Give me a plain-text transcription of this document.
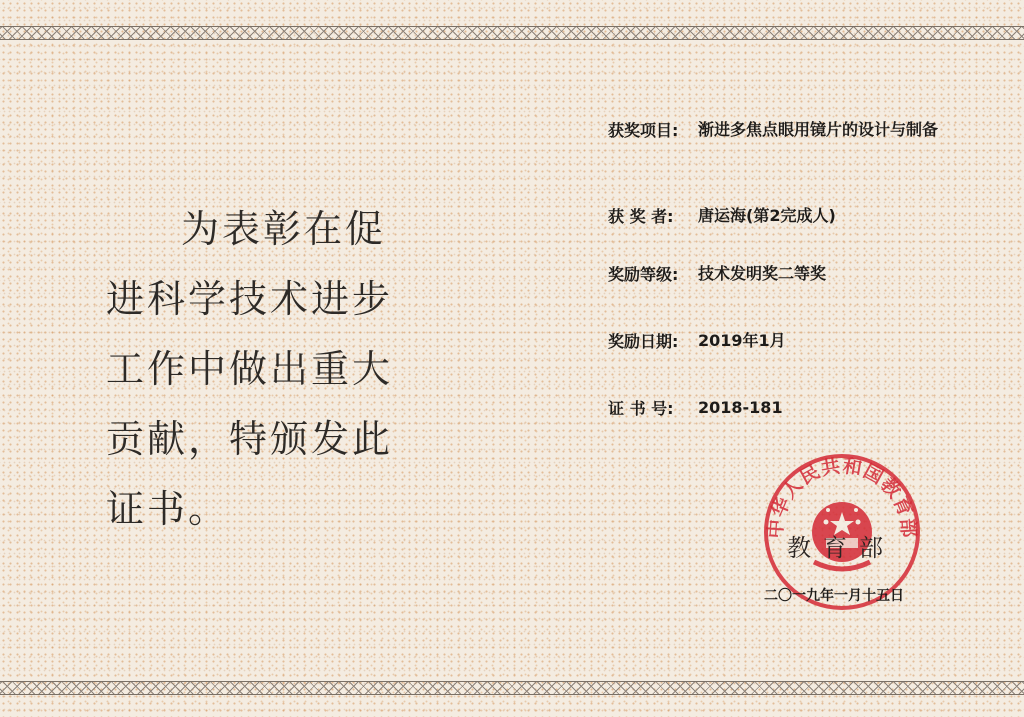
为表彰在促
进科学技术进步
工作中做出重大
贡献，特颁发此
证书。
获奖项目: 渐进多焦点眼用镜片的设计与制备
获 奖 者: 唐运海(第2完成人)
奖励等级: 技术发明奖二等奖
奖励日期: 2019年1月
证 书 号: 2018-181
中华人民共和国教育部
教育部
二〇一九年一月十五日
